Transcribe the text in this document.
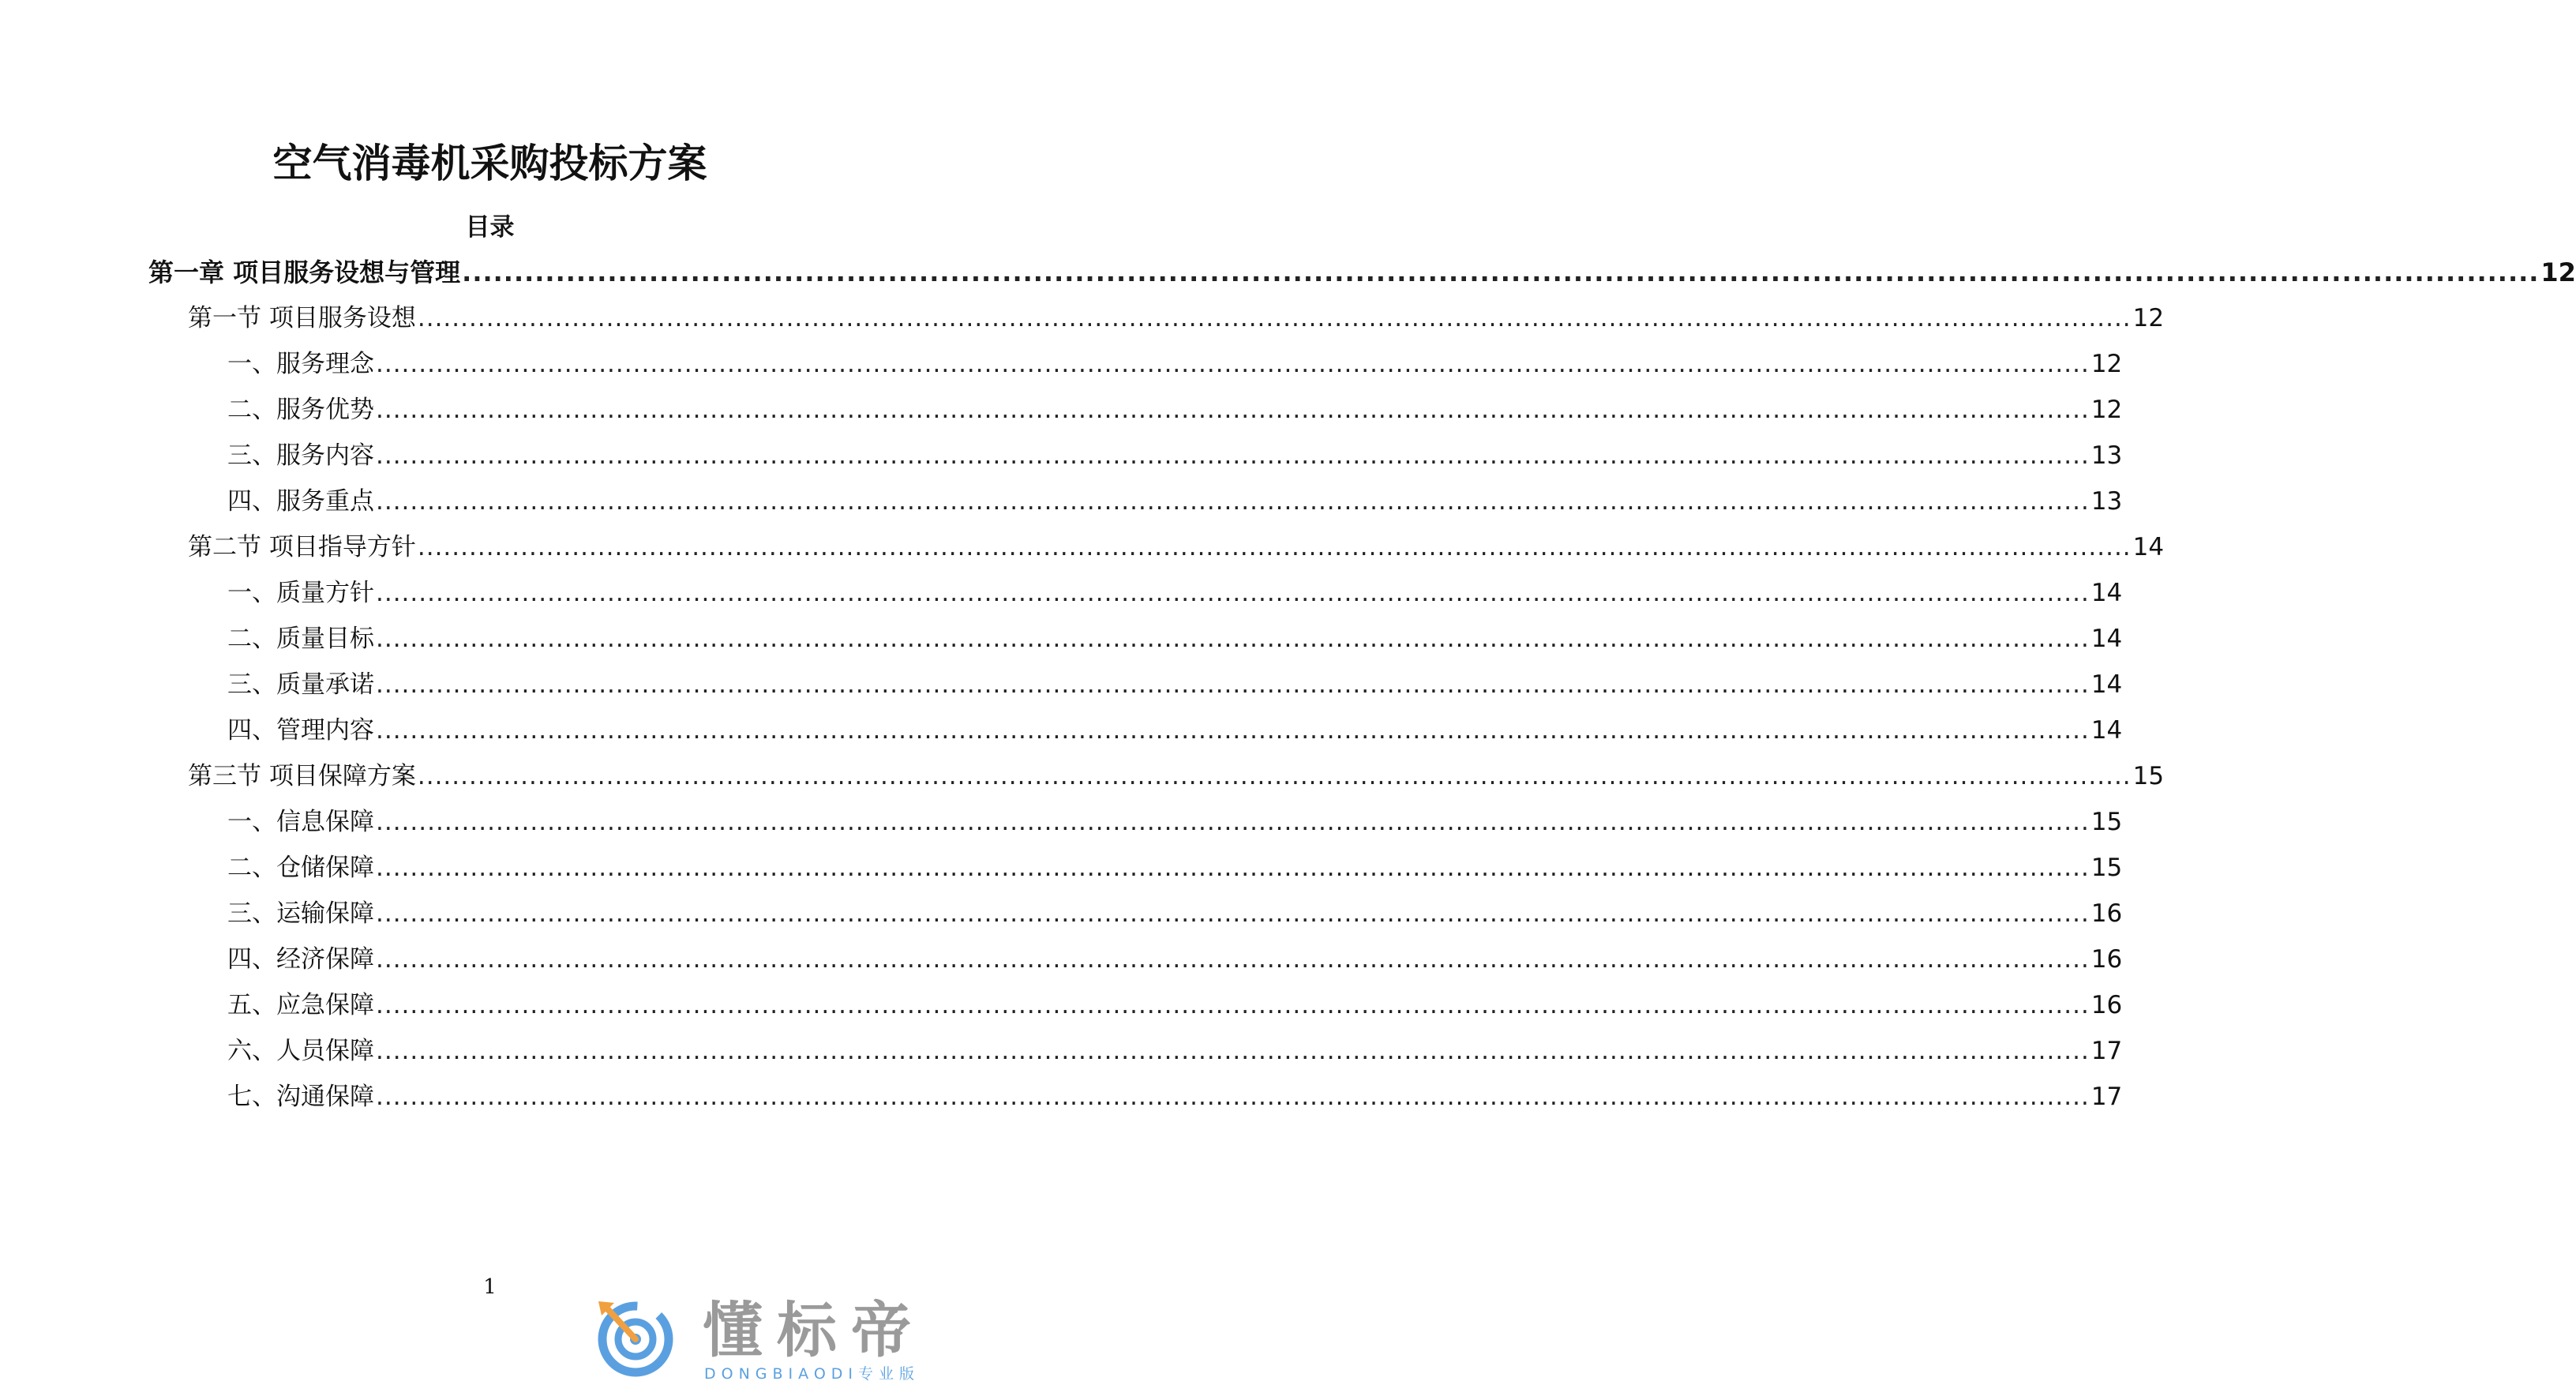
空气消毒机采购投标方案
目录
第一章 项目服务设想与管理 ........................................................................................................................................................................................................ 12
第一节 项目服务设想 ........................................................................................................................................................................................................ 12
一、服务理念 ........................................................................................................................................................................................................ 12
二、服务优势 ........................................................................................................................................................................................................ 12
三、服务内容 ........................................................................................................................................................................................................ 13
四、服务重点 ........................................................................................................................................................................................................ 13
第二节 项目指导方针 ........................................................................................................................................................................................................ 14
一、质量方针 ........................................................................................................................................................................................................ 14
二、质量目标 ........................................................................................................................................................................................................ 14
三、质量承诺 ........................................................................................................................................................................................................ 14
四、管理内容 ........................................................................................................................................................................................................ 14
第三节 项目保障方案 ........................................................................................................................................................................................................ 15
一、信息保障 ........................................................................................................................................................................................................ 15
二、仓储保障 ........................................................................................................................................................................................................ 15
三、运输保障 ........................................................................................................................................................................................................ 16
四、经济保障 ........................................................................................................................................................................................................ 16
五、应急保障 ........................................................................................................................................................................................................ 16
六、人员保障 ........................................................................................................................................................................................................ 17
七、沟通保障 ........................................................................................................................................................................................................ 17
1
懂标帝
DONGBIAODI专业版
